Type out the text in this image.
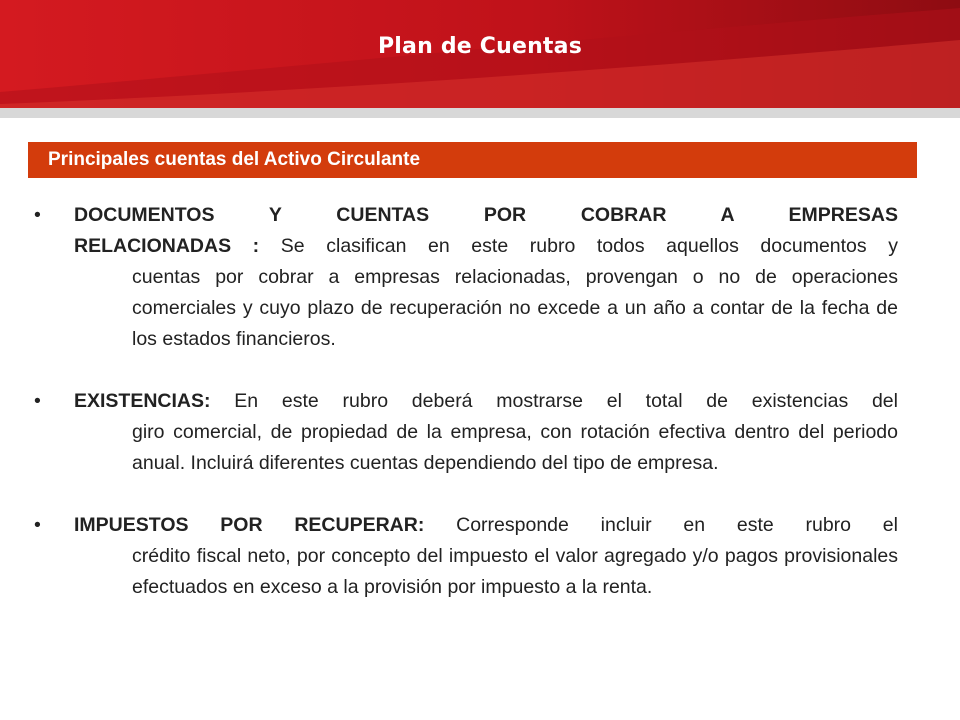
Plan de Cuentas
Principales cuentas del Activo Circulante
• DOCUMENTOS Y CUENTAS POR COBRAR A EMPRESAS
RELACIONADAS : Se clasifican en este rubro todos aquellos documentos y
cuentas por cobrar a empresas relacionadas, provengan o no de operaciones comerciales y cuyo plazo de recuperación no excede a un año a contar de la fecha de los estados financieros.
• EXISTENCIAS: En este rubro deberá mostrarse el total de existencias del
giro comercial, de propiedad de la empresa, con rotación efectiva dentro del periodo anual. Incluirá diferentes cuentas dependiendo del tipo de empresa.
• IMPUESTOS POR RECUPERAR: Corresponde incluir en este rubro el
crédito fiscal neto, por concepto del impuesto el valor agregado y/o pagos provisionales efectuados en exceso a la provisión por impuesto a la renta.
